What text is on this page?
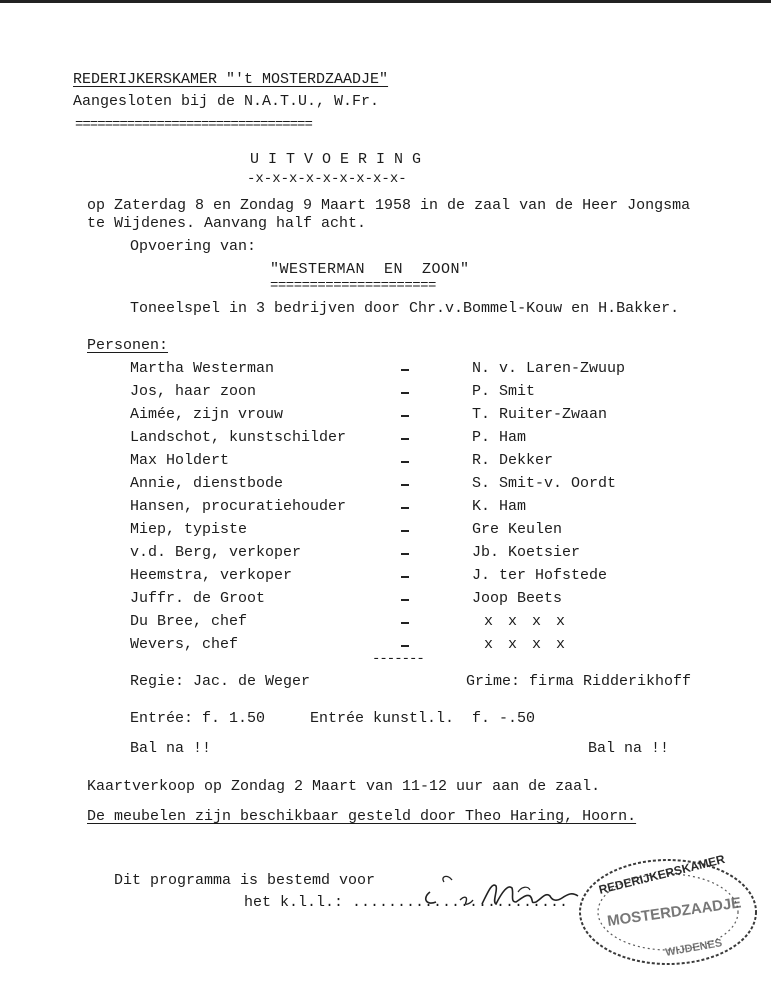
REDERIJKERSKAMER "'t MOSTERDZAADJE"
Aangesloten bij de N.A.T.U., W.Fr.
================================
UITVOERING
-x-x-x-x-x-x-x-x-x-
op Zaterdag 8 en Zondag 9 Maart 1958 in de zaal van de Heer Jongsma
te Wijdenes. Aanvang half acht.
Opvoering van:
"WESTERMAN  EN  ZOON"
=====================
Toneelspel in 3 bedrijven door Chr.v.Bommel-Kouw en H.Bakker.
Personen:
Martha Westerman	N. v. Laren-Zwuup
Jos, haar zoon	P. Smit
Aimée, zijn vrouw	T. Ruiter-Zwaan
Landschot, kunstschilder	P. Ham
Max Holdert	R. Dekker
Annie, dienstbode	S. Smit-v. Oordt
Hansen, procuratiehouder	K. Ham
Miep, typiste	Gre Keulen
v.d. Berg, verkoper	Jb. Koetsier
Heemstra, verkoper	J. ter Hofstede
Juffr. de Groot	Joop Beets
Du Bree, chef	x x x x
Wevers, chef	x x x x
-------
Regie: Jac. de Weger	Grime: firma Ridderikhoff
Entrée: f. 1.50	Entrée kunstl.l.  f. -.50
Bal na !!	Bal na !!
Kaartverkoop op Zondag 2 Maart van 11-12 uur aan de zaal.
De meubelen zijn beschikbaar gesteld door Theo Haring, Hoorn.
Dit programma is bestemd voor
het k.l.l.: ........................
REDERIJKERSKAMER
MOSTERDZAADJE
WIJDENES
